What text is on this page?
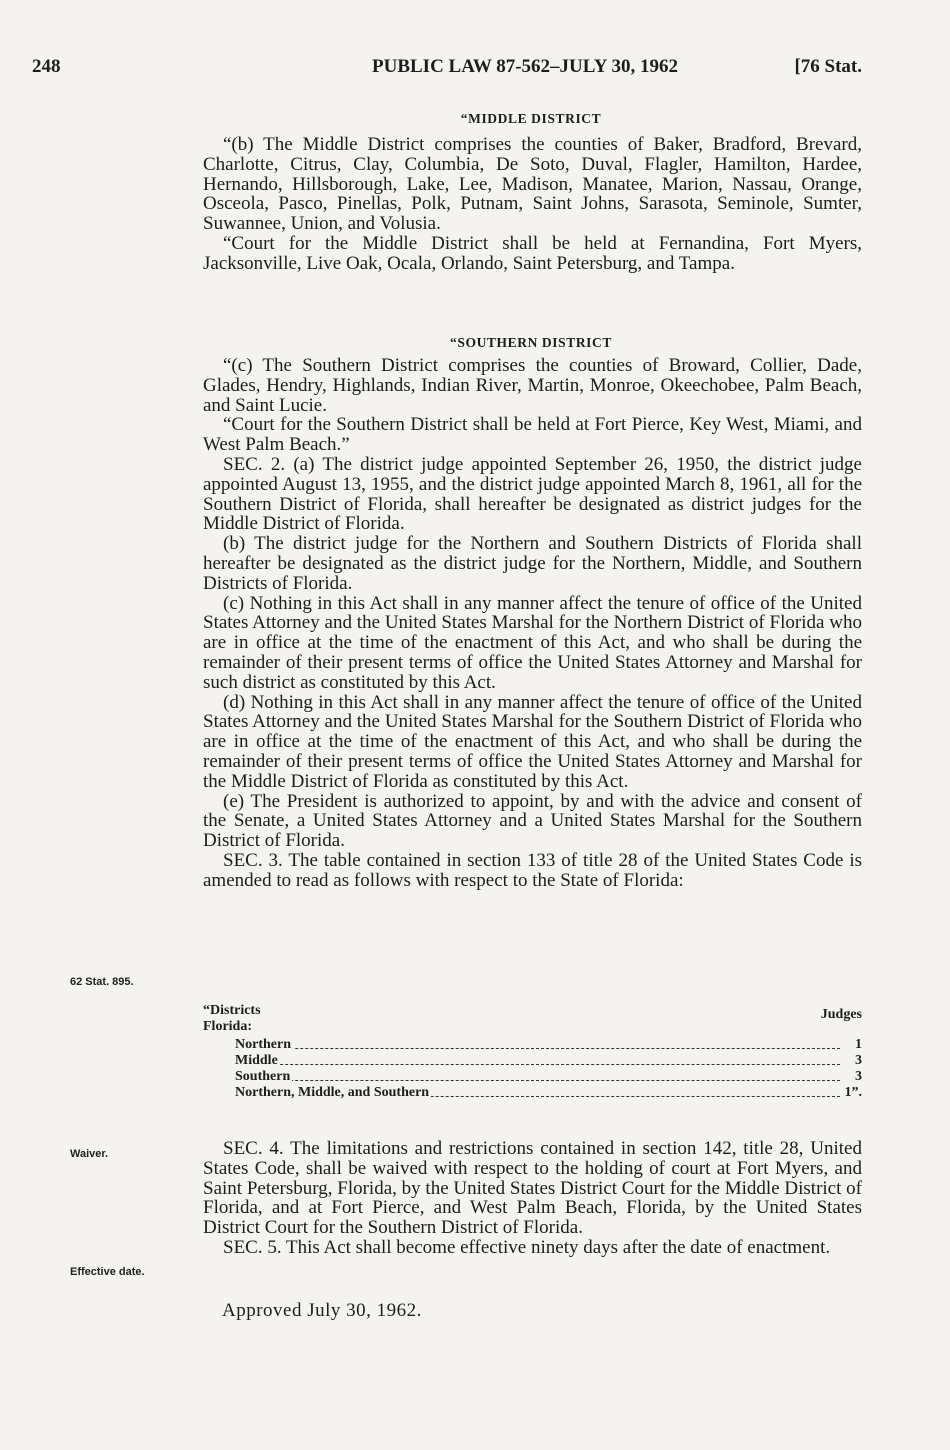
248	PUBLIC LAW 87-562–JULY 30, 1962	[76 Stat.
“MIDDLE DISTRICT

“(b) The Middle District comprises the counties of Baker, Bradford, Brevard, Charlotte, Citrus, Clay, Columbia, De Soto, Duval, Flagler, Hamilton, Hardee, Hernando, Hillsborough, Lake, Lee, Madison, Manatee, Marion, Nassau, Orange, Osceola, Pasco, Pinellas, Polk, Putnam, Saint Johns, Sarasota, Seminole, Sumter, Suwannee, Union, and Volusia.

“Court for the Middle District shall be held at Fernandina, Fort Myers, Jacksonville, Live Oak, Ocala, Orlando, Saint Petersburg, and Tampa.

“SOUTHERN DISTRICT

“(c) The Southern District comprises the counties of Broward, Collier, Dade, Glades, Hendry, Highlands, Indian River, Martin, Monroe, Okeechobee, Palm Beach, and Saint Lucie.

“Court for the Southern District shall be held at Fort Pierce, Key West, Miami, and West Palm Beach.”

SEC. 2. (a) The district judge appointed September 26, 1950, the district judge appointed August 13, 1955, and the district judge appointed March 8, 1961, all for the Southern District of Florida, shall hereafter be designated as district judges for the Middle District of Florida.

(b) The district judge for the Northern and Southern Districts of Florida shall hereafter be designated as the district judge for the Northern, Middle, and Southern Districts of Florida.

(c) Nothing in this Act shall in any manner affect the tenure of office of the United States Attorney and the United States Marshal for the Northern District of Florida who are in office at the time of the enactment of this Act, and who shall be during the remainder of their present terms of office the United States Attorney and Marshal for such district as constituted by this Act.

(d) Nothing in this Act shall in any manner affect the tenure of office of the United States Attorney and the United States Marshal for the Southern District of Florida who are in office at the time of the enactment of this Act, and who shall be during the remainder of their present terms of office the United States Attorney and Marshal for the Middle District of Florida as constituted by this Act.

(e) The President is authorized to appoint, by and with the advice and consent of the Senate, a United States Attorney and a United States Marshal for the Southern District of Florida.

SEC. 3. The table contained in section 133 of title 28 of the United States Code is amended to read as follows with respect to the State of Florida:

62 Stat. 895.
“Districts
Florida:
Judges
Northern	1
Middle	3
Southern	3
Northern, Middle, and Southern	1”.
Waiver.	SEC. 4. The limitations and restrictions contained in section 142, title 28, United States Code, shall be waived with respect to the holding of court at Fort Myers, and Saint Petersburg, Florida, by the United States District Court for the Middle District of Florida, and at Fort Pierce, and West Palm Beach, Florida, by the United States District Court for the Southern District of Florida.

SEC. 5. This Act shall become effective ninety days after the date of enactment.

Effective date.
Approved July 30, 1962.
